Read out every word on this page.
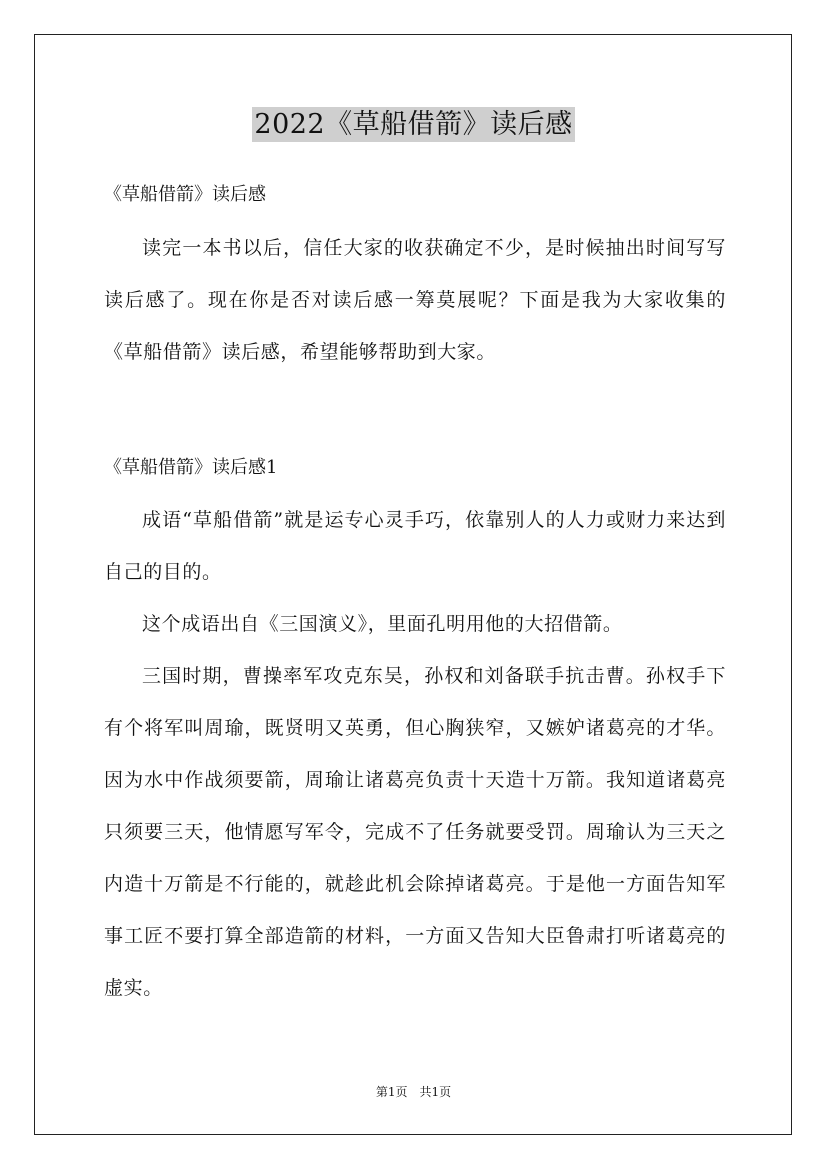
2022《草船借箭》读后感
《草船借箭》读后感

读完一本书以后，信任大家的收获确定不少，是时候抽出时间写写读后感了。现在你是否对读后感一筹莫展呢？下面是我为大家收集的《草船借箭》读后感，希望能够帮助到大家。

《草船借箭》读后感1

成语“草船借箭”就是运专心灵手巧，依靠别人的人力或财力来达到自己的目的。

这个成语出自《三国演义》，里面孔明用他的大招借箭。

三国时期，曹操率军攻克东吴，孙权和刘备联手抗击曹。孙权手下有个将军叫周瑜，既贤明又英勇，但心胸狭窄，又嫉妒诸葛亮的才华。因为水中作战须要箭，周瑜让诸葛亮负责十天造十万箭。我知道诸葛亮只须要三天，他情愿写军令，完成不了任务就要受罚。周瑜认为三天之内造十万箭是不行能的，就趁此机会除掉诸葛亮。于是他一方面告知军事工匠不要打算全部造箭的材料，一方面又告知大臣鲁肃打听诸葛亮的虚实。

第1页　共1页
